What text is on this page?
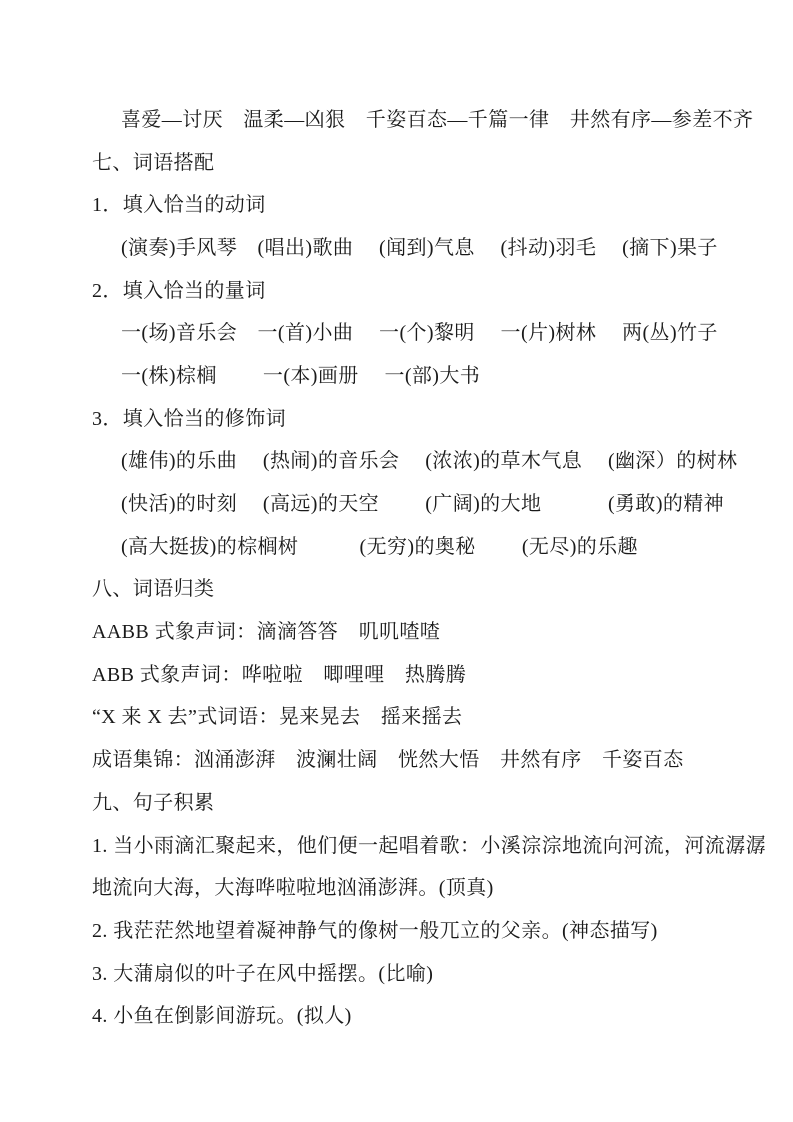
喜爱—讨厌　温柔—凶狠　千姿百态—千篇一律　井然有序—参差不齐
七、词语搭配
1．填入恰当的动词
(演奏)手风琴　(唱出)歌曲　 (闻到)气息　 (抖动)羽毛　 (摘下)果子
2．填入恰当的量词
一(场)音乐会　一(首)小曲　 一(个)黎明 　一(片)树林　 两(丛)竹子
一(株)棕榈　　 一(本)画册　 一(部)大书
3．填入恰当的修饰词
(雄伟)的乐曲　 (热闹)的音乐会　 (浓浓)的草木气息　 (幽深）的树林
(快活)的时刻　 (高远)的天空　　 (广阔)的大地　　　 (勇敢)的精神
(高大挺拔)的棕榈树　　　(无穷)的奥秘　　 (无尽)的乐趣
八、词语归类
AABB 式象声词：滴滴答答　叽叽喳喳
ABB 式象声词：哗啦啦　唧哩哩　热腾腾
“X 来 X 去”式词语：晃来晃去　摇来摇去
成语集锦：汹涌澎湃　波澜壮阔　恍然大悟　井然有序　千姿百态
九、句子积累
1. 当小雨滴汇聚起来，他们便一起唱着歌：小溪淙淙地流向河流，河流潺潺
地流向大海，大海哗啦啦地汹涌澎湃。(顶真)
2. 我茫茫然地望着凝神静气的像树一般兀立的父亲。(神态描写)
3. 大蒲扇似的叶子在风中摇摆。(比喻)
4. 小鱼在倒影间游玩。(拟人)
